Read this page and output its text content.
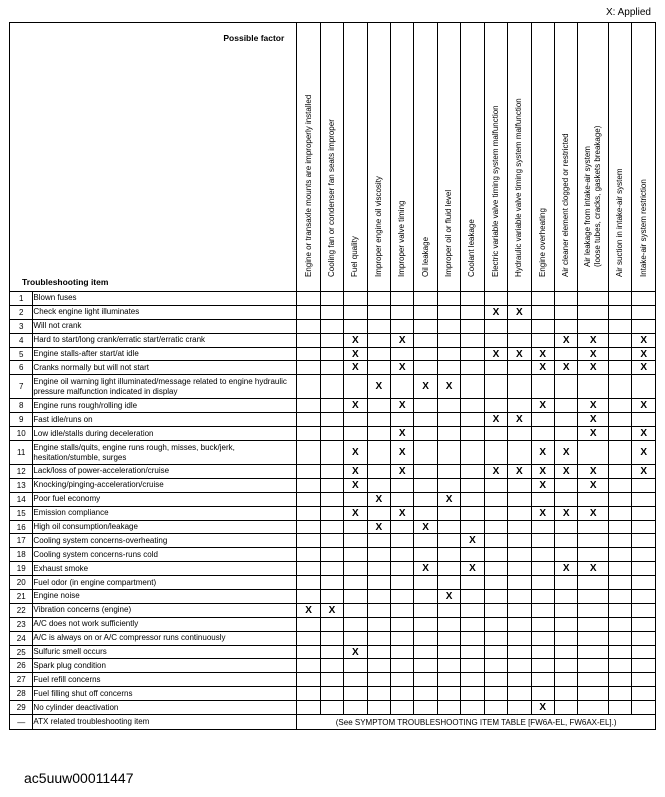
X: Applied
Possible factor
Troubleshooting item		Engine or transaxle mounts are improperly installed	Cooling fan or condenser fan seats improper	Fuel quality	Improper engine oil viscosity	Improper valve timing	Oil leakage	Improper oil or fluid level	Coolant leakage	Electric variable valve timing system malfunction	Hydraulic variable valve timing system malfunction	Engine overheating	Air cleaner element clogged or restricted	Air leakage from intake-air system
(loose tubes, cracks, gaskets breakage)	Air suction in intake-air system	Intake-air system restriction

1	Blown fuses															
2	Check engine light illuminates									X	X					
3	Will not crank															
4	Hard to start/long crank/erratic start/erratic crank			X		X							X	X		X
5	Engine stalls-after start/at idle			X						X	X	X		X		X
6	Cranks normally but will not start			X		X						X	X	X		X
7	Engine oil warning light illuminated/message related to engine hydraulic pressure malfunction indicated in display				X		X	X								
8	Engine runs rough/rolling idle			X		X						X		X		X
9	Fast idle/runs on									X	X			X		
10	Low idle/stalls during deceleration					X								X		X
11	Engine stalls/quits, engine runs rough, misses, buck/jerk, hesitation/stumble, surges			X		X						X	X			X
12	Lack/loss of power-acceleration/cruise			X		X				X	X	X	X	X		X
13	Knocking/pinging-acceleration/cruise			X								X		X		
14	Poor fuel economy				X			X								
15	Emission compliance			X		X						X	X	X		
16	High oil consumption/leakage				X		X									
17	Cooling system concerns-overheating								X							
18	Cooling system concerns-runs cold															
19	Exhaust smoke						X		X				X	X		
20	Fuel odor (in engine compartment)															
21	Engine noise							X								
22	Vibration concerns (engine)	X	X													
23	A/C does not work sufficiently															
24	A/C is always on or A/C compressor runs continuously															
25	Sulfuric smell occurs			X												
26	Spark plug condition															
27	Fuel refill concerns															
28	Fuel filling shut off concerns															
29	No cylinder deactivation											X				
—	ATX related troubleshooting item	(See SYMPTOM TROUBLESHOOTING ITEM TABLE [FW6A-EL, FW6AX-EL].)														
ac5uuw00011447
